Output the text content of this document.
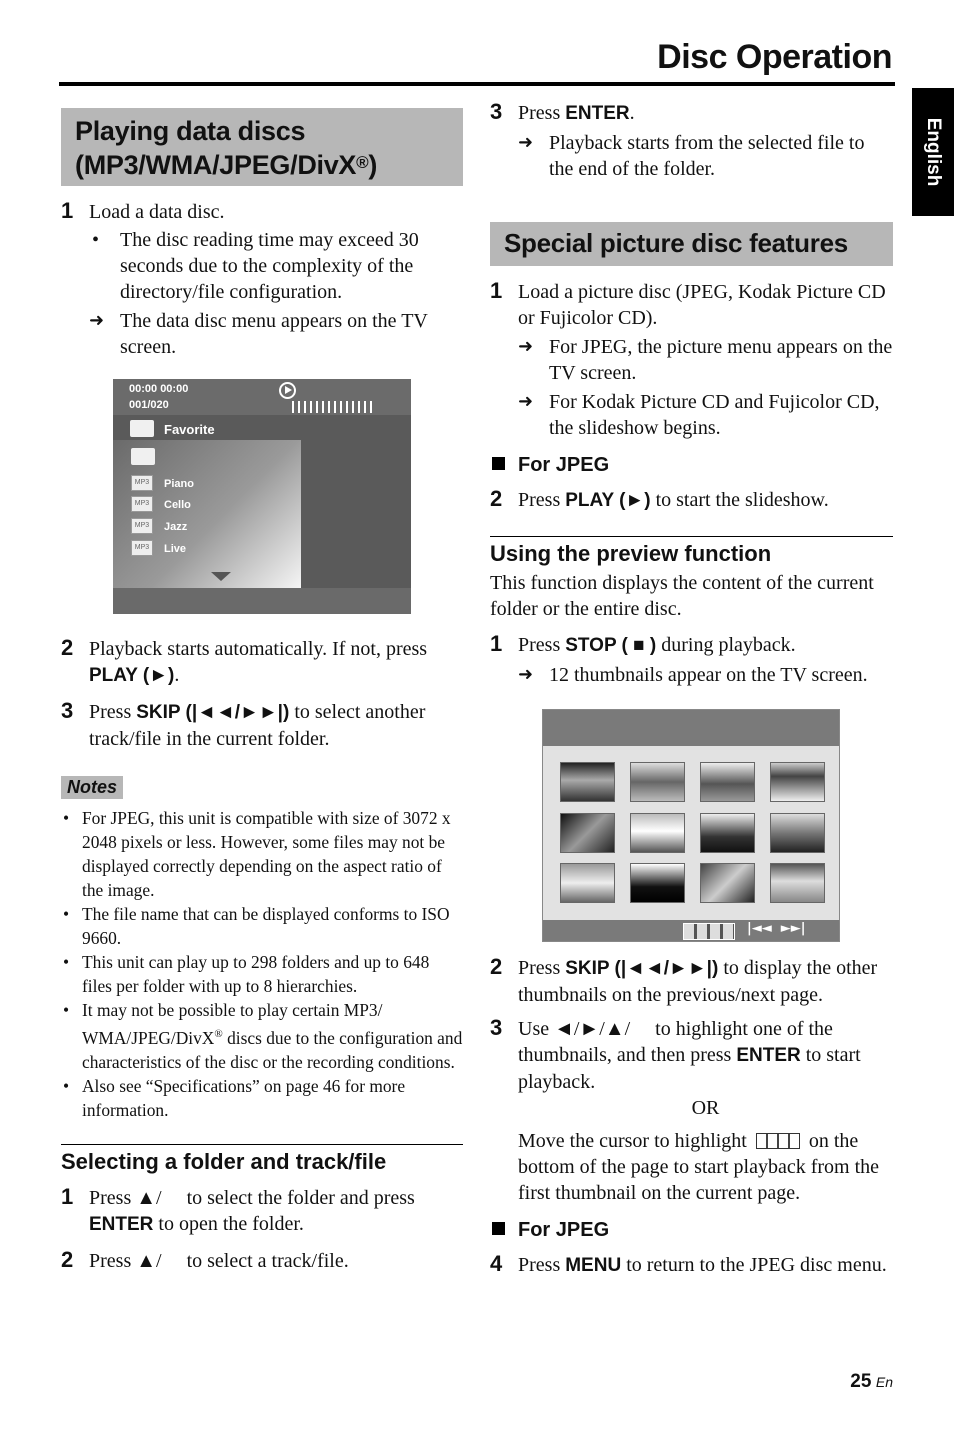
Disc Operation
English
Playing data discs
(MP3/WMA/JPEG/DivX®)
1 Load a data disc.
• The disc reading time may exceed 30 seconds due to the complexity of the directory/file configuration.
➜ The data disc menu appears on the TV screen.
00:00 00:00
001/020
Favorite
MP3	Piano
MP3	Cello
MP3	Jazz
MP3	Live
2 Playback starts automatically. If not, press PLAY (►).
3 Press SKIP (|◄◄/►►|) to select another track/file in the current folder.
Notes
• For JPEG, this unit is compatible with size of 3072 x 2048 pixels or less. However, some files may not be displayed correctly depending on the aspect ratio of the image.
• The file name that can be displayed conforms to ISO 9660.
• This unit can play up to 298 folders and up to 648 files per folder with up to 8 hierarchies.
• It may not be possible to play certain MP3/ WMA/JPEG/DivX® discs due to the configuration and characteristics of the disc or the recording conditions.
• Also see “Specifications” on page 46 for more information.
Selecting a folder and track/file
1 Press ▲/ to select the folder and press ENTER to open the folder.
2 Press ▲/ to select a track/file.
3 Press ENTER.
➜ Playback starts from the selected file to the end of the folder.
Special picture disc features
1 Load a picture disc (JPEG, Kodak Picture CD or Fujicolor CD).
➜ For JPEG, the picture menu appears on the TV screen.
➜ For Kodak Picture CD and Fujicolor CD, the slideshow begins.
For JPEG
2 Press PLAY (►) to start the slideshow.
Using the preview function
This function displays the content of the current folder or the entire disc.
1 Press STOP ( ■ ) during playback.
➜ 12 thumbnails appear on the TV screen.
|◄◄  ►►|
2 Press SKIP (|◄◄/►►|) to display the other thumbnails on the previous/next page.
3 Use ◄/►/▲/ to highlight one of the thumbnails, and then press ENTER to start playback.
OR
Move the cursor to highlight	on the bottom of the page to start playback from the first thumbnail on the current page.
For JPEG
4 Press MENU to return to the JPEG disc menu.
25 En
